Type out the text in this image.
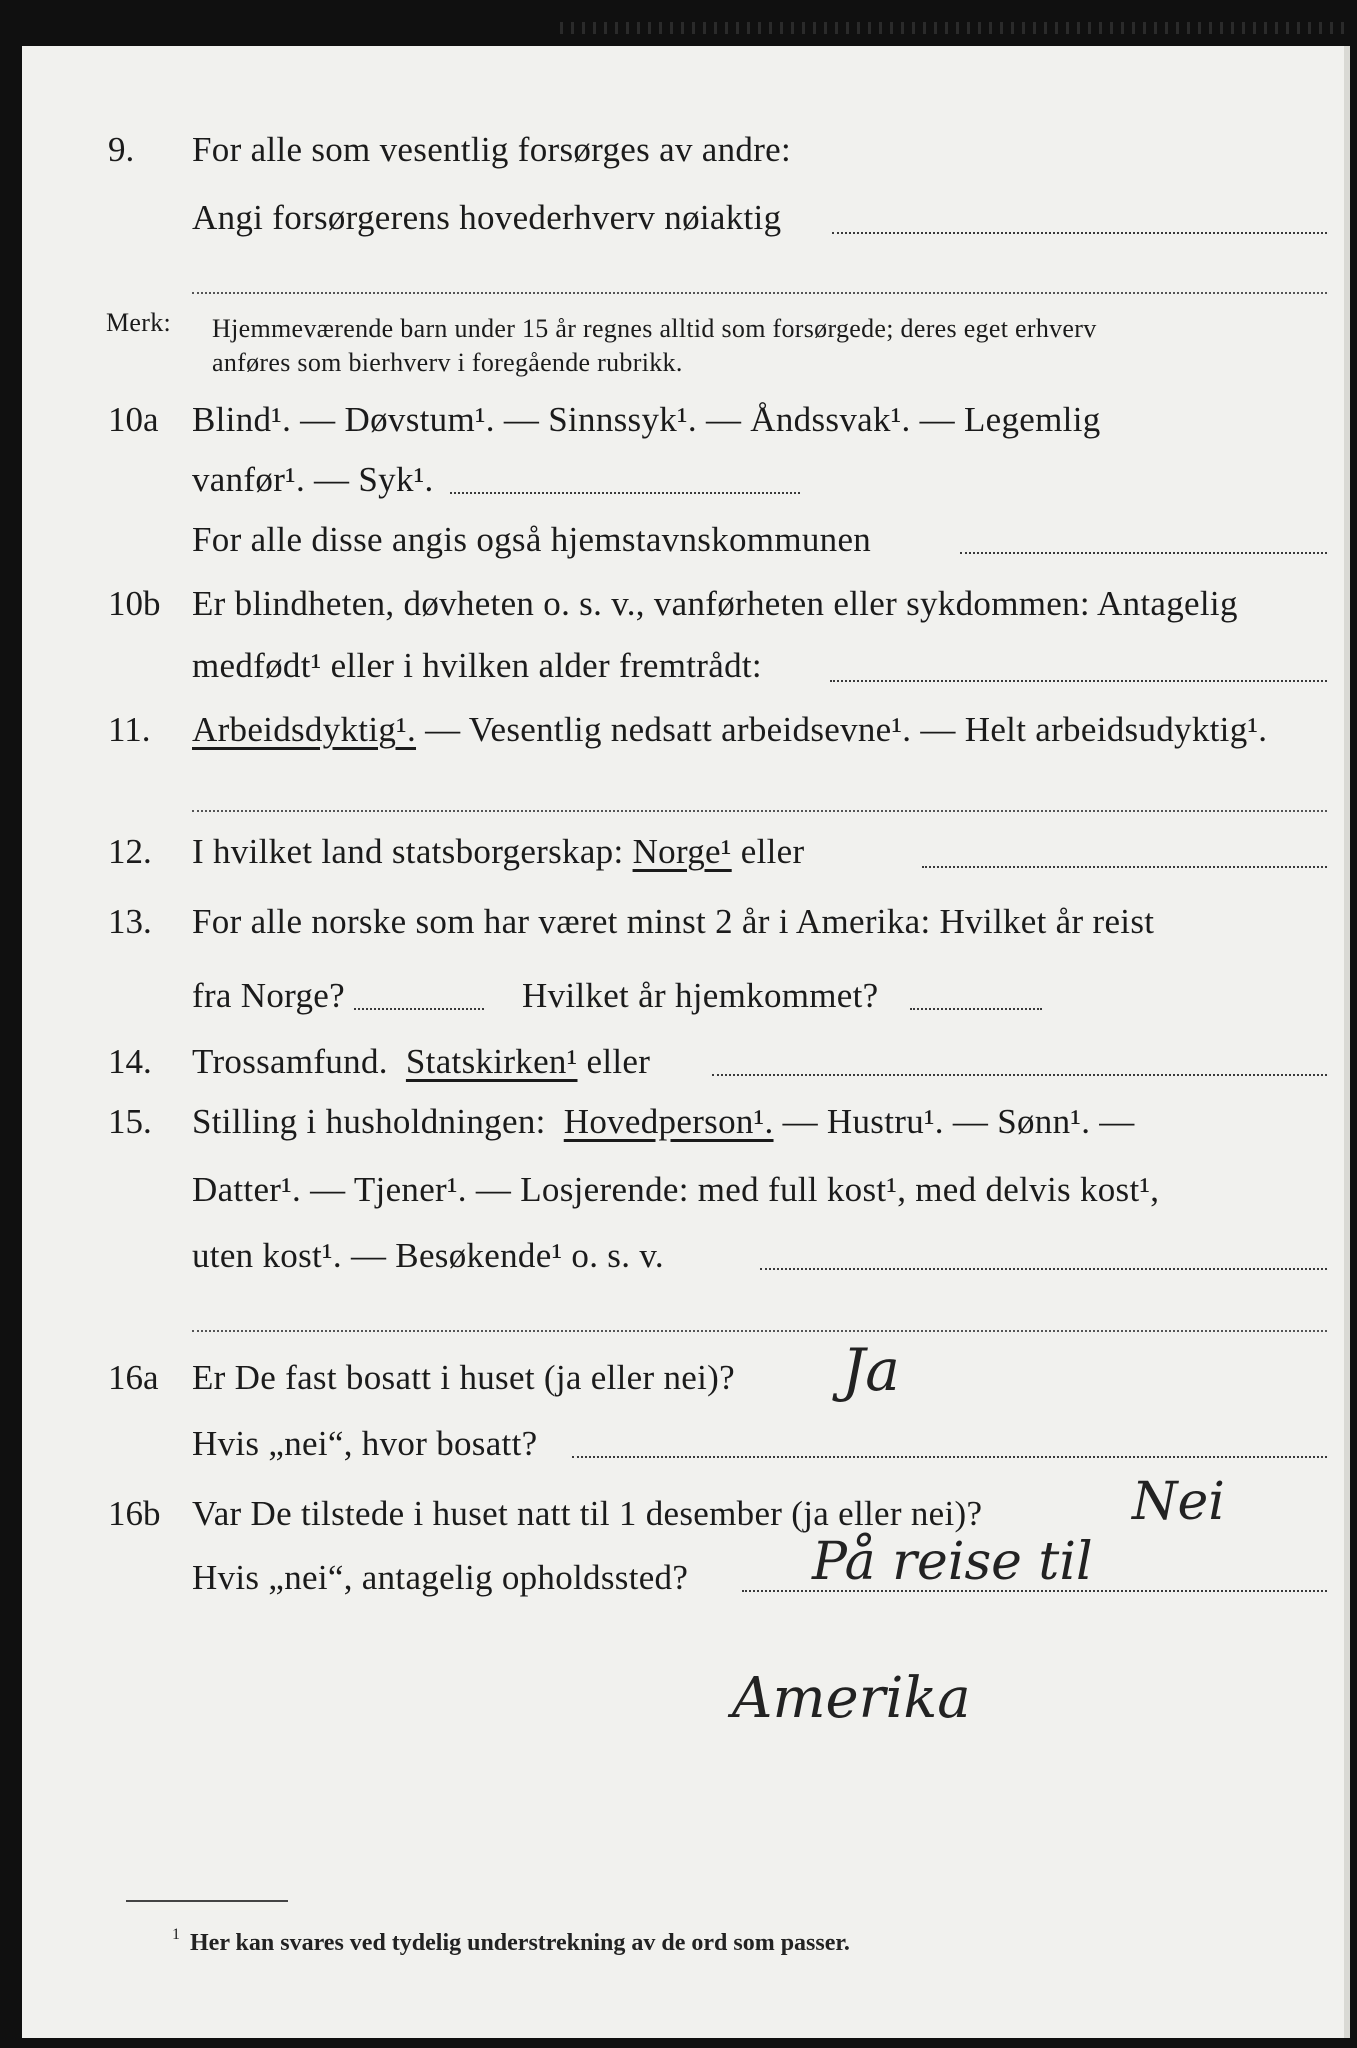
9. For alle som vesentlig forsørges av andre:
Angi forsørgerens hovederhverv nøiaktig
Merk: Hjemmeværende barn under 15 år regnes alltid som forsørgede; deres eget erhverv
anføres som bierhverv i foregående rubrikk.
10a Blind¹. — Døvstum¹. — Sinnssyk¹. — Åndssvak¹. — Legemlig
vanfør¹. — Syk¹.
For alle disse angis også hjemstavnskommunen
10b Er blindheten, døvheten o. s. v., vanførheten eller sykdommen: Antagelig
medfødt¹ eller i hvilken alder fremtrådt:
11. Arbeidsdyktig¹. — Vesentlig nedsatt arbeidsevne¹. — Helt arbeidsudyktig¹.
12. I hvilket land statsborgerskap: Norge¹ eller
13. For alle norske som har været minst 2 år i Amerika: Hvilket år reist
fra Norge?	Hvilket år hjemkommet?
14. Trossamfund. Statskirken¹ eller
15. Stilling i husholdningen: Hovedperson¹. — Hustru¹. — Sønn¹. —
Datter¹. — Tjener¹. — Losjerende: med full kost¹, med delvis kost¹,
uten kost¹. — Besøkende¹ o. s. v.
16a Er De fast bosatt i huset (ja eller nei)? Ja
Hvis „nei“, hvor bosatt?
16b Var De tilstede i huset natt til 1 desember (ja eller nei)?	Nei
Hvis „nei“, antagelig opholdssted? På reise til
Amerika
1 Her kan svares ved tydelig understrekning av de ord som passer.
